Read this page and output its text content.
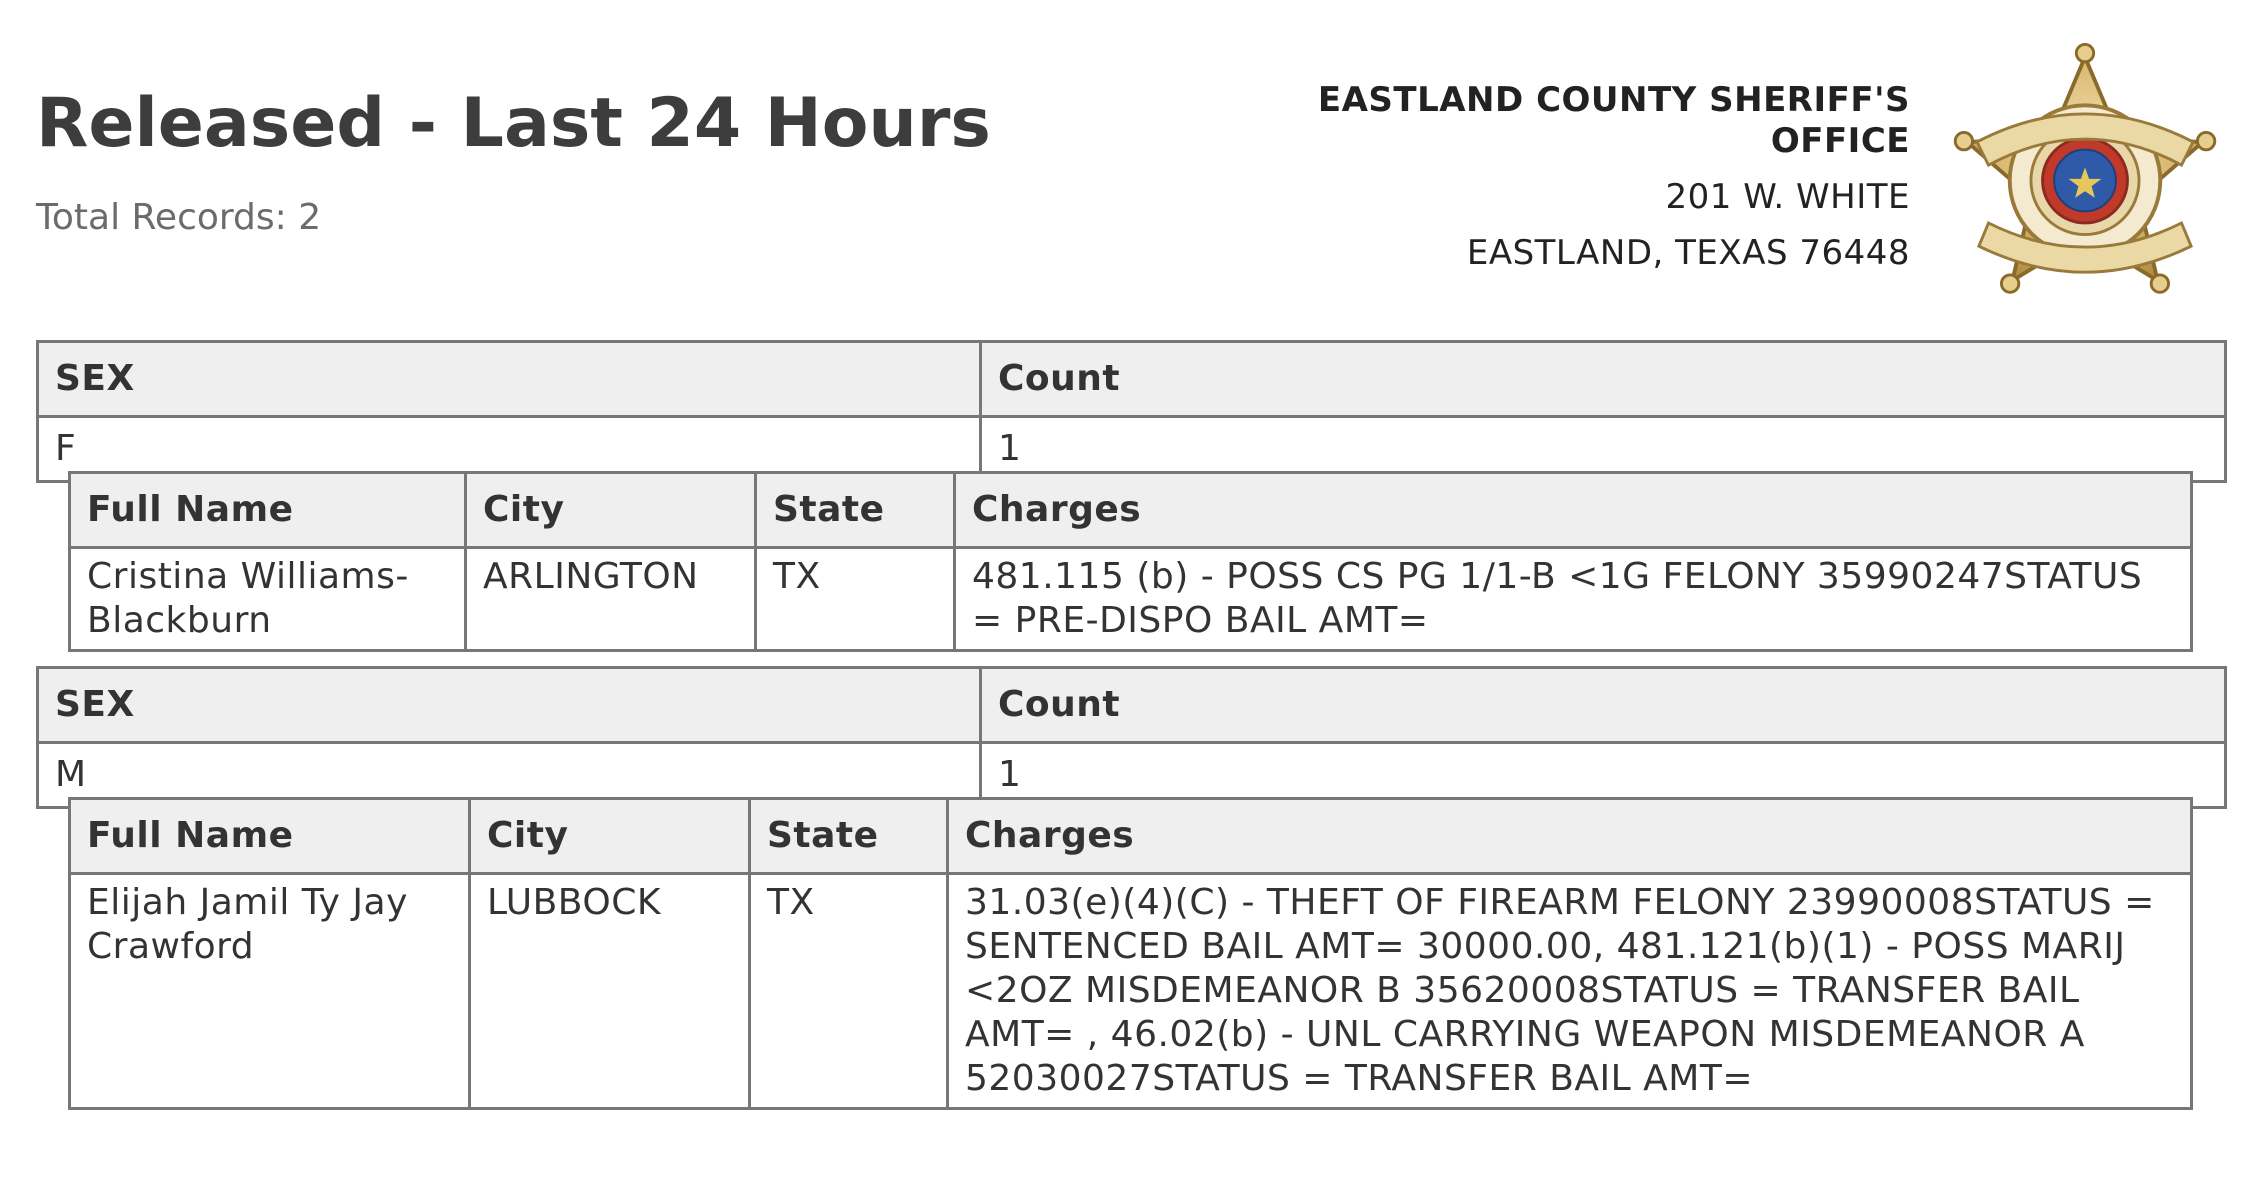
Released - Last 24 Hours
Total Records: 2
EASTLAND COUNTY SHERIFF'S
OFFICE
201 W. WHITE
EASTLAND, TEXAS 76448
SEX	Count
F	1
Full Name	City	State	Charges
Cristina Williams-Blackburn	ARLINGTON	TX	481.115 (b) - POSS CS PG 1/1-B <1G FELONY 35990247STATUS = PRE-DISPO BAIL AMT=
SEX	Count
M	1
Full Name	City	State	Charges
Elijah Jamil Ty Jay Crawford	LUBBOCK	TX	31.03(e)(4)(C) - THEFT OF FIREARM FELONY 23990008STATUS = SENTENCED BAIL AMT= 30000.00, 481.121(b)(1) - POSS MARIJ <2OZ MISDEMEANOR B 35620008STATUS = TRANSFER BAIL AMT= , 46.02(b) - UNL CARRYING WEAPON MISDEMEANOR A 52030027STATUS = TRANSFER BAIL AMT=
